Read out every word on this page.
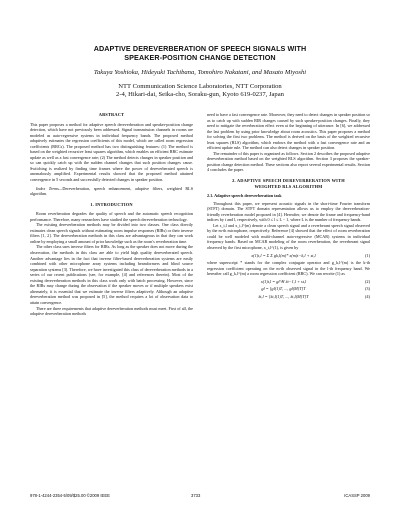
ADAPTIVE DEREVERBERATION OF SPEECH SIGNALS WITH
SPEAKER-POSITION CHANGE DETECTION
Takuya Yoshioka, Hideyuki Tachibana, Tomohiro Nakatani, and Masato Miyoshi
NTT Communication Science Laboratories, NTT Corporation
2-4, Hikari-dai, Seika-cho, Soraku-gun, Kyoto 619-0237, Japan
ABSTRACT

This paper proposes a method for adaptive speech dereverberation and speaker-position change detection, which have not previously been addressed. Signal transmission channels in rooms are modeled as auto-regressive systems in individual frequency bands. The proposed method adaptively estimates the regression coefficients of this model, which are called room regression coefficients (RRCs). The proposed method has two distinguishing features: (1) The method is based on the weighted recursive least squares algorithm, which enables an efficient RRC estimate update as well as a fast convergence rate; (2) The method detects changes in speaker position and so can quickly catch up with the sudden channel changes that such position changes cause. Switching is realized by finding time frames where the power of dereverberated speech is anomalously amplified. Experimental results showed that the proposed method attained convergence in 5 seconds and successfully detected changes in speaker position.

Index Terms—Dereverberation, speech enhancement, adaptive filters, weighted RLS algorithm.

1. INTRODUCTION

Room reverberation degrades the quality of speech and the automatic speech recognition performance. Therefore, many researchers have studied the speech dereverberation technology.

The existing dereverberation methods may be divided into two classes. One class directly estimates clean speech signals without estimating room impulse responses (RIRs) or their inverse filters [1, 2]. The dereverberation methods in this class are advantageous in that they can work online by employing a small amount of prior knowledge such as the room's reverberation time.

The other class uses inverse filters for RIRs. As long as the speaker does not move during the observation, the methods in this class are able to yield high quality dereverberated speech. Another advantage lies in the fact that inverse filter-based dereverberation systems are easily combined with other microphone array systems including beamformers and blind source separation systems [3]. Therefore, we have investigated this class of dereverberation methods in a series of our recent publications (see, for example, [4] and references therein). Most of the existing dereverberation methods in this class work only with batch processing. However, since the RIRs may change during the observation if the speaker moves or if multiple speakers exist alternately, it is essential that we estimate the inverse filters adaptively. Although an adaptive dereverberation method was proposed in [5], the method requires a lot of observation data to attain convergence.

There are three requirements that adaptive dereverberation methods must meet. First of all, the adaptive dereverberation methods

need to have a fast convergence rate. Moreover, they need to detect changes in speaker position so as to catch up with sudden RIR changes caused by such speaker-position changes. Finally, they need to mitigate the reverberation effect even at the beginning of utterance. In [6], we addressed the last problem by using prior knowledge about room acoustics. This paper proposes a method for solving the first two problems. The method is derived on the basis of the weighted recursive least squares (RLS) algorithm, which endows the method with a fast convergence rate and an efficient update rule. The method can also detect changes in speaker position.

The remainder of this paper is organized as follows. Section 2 describes the proposed adaptive dereverberation method based on the weighted RLS algorithm. Section 3 proposes the speaker-position change detection method. These sections also report several experimental results. Section 4 concludes the paper.

2. ADAPTIVE SPEECH DEREVERBERATION WITH
WEIGHTED RLS ALGORITHM
2.1. Adaptive speech dereverberation task

Throughout this paper, we represent acoustic signals in the short-time Fourier transform (STFT) domain. The STFT domain representation allows us to employ the dereverberation-friendly reverberation model proposed in [4]. Hereafter, we denote the frame and frequency-band indices by t and l, respectively, with 0 ≤ l ≤ L − 1, where L is the number of frequency bands.

Let s_t,l and x_t,l^(m) denote a clean speech signal and a reverberant speech signal observed by the m-th microphone, respectively. Reference [4] showed that the effect of room reverberation could be well modeled with multi-channel auto-regressive (MCAR) systems in individual frequency bands. Based on MCAR modeling of the room reverberation, the reverberant signal observed by the first microphone, x_t,l^(1), is given by

x(1)t,l = Σ Σ gk,l(m)* x(m)t−k,l + st,l	(1)

where superscript * stands for the complex conjugate operator and g_k,l^(m) is the k-th regression coefficient operating on the m-th observed signal in the l-th frequency band. We hereafter call g_k,l^(m) a room regression coefficient (RRC). We can rewrite (1) as

x(1)t,l = gl^H x̄t−1,l + st,l	(2)
gl = [gl(1)T, ..., gl(M)T]T	(3)
x̄t,l = [x̄t,l(1)T, ..., x̄t,l(M)T]T	(4)
978-1-4244-2354-5/09/$25.00 ©2009 IEEE	3733	ICASSP 2009
